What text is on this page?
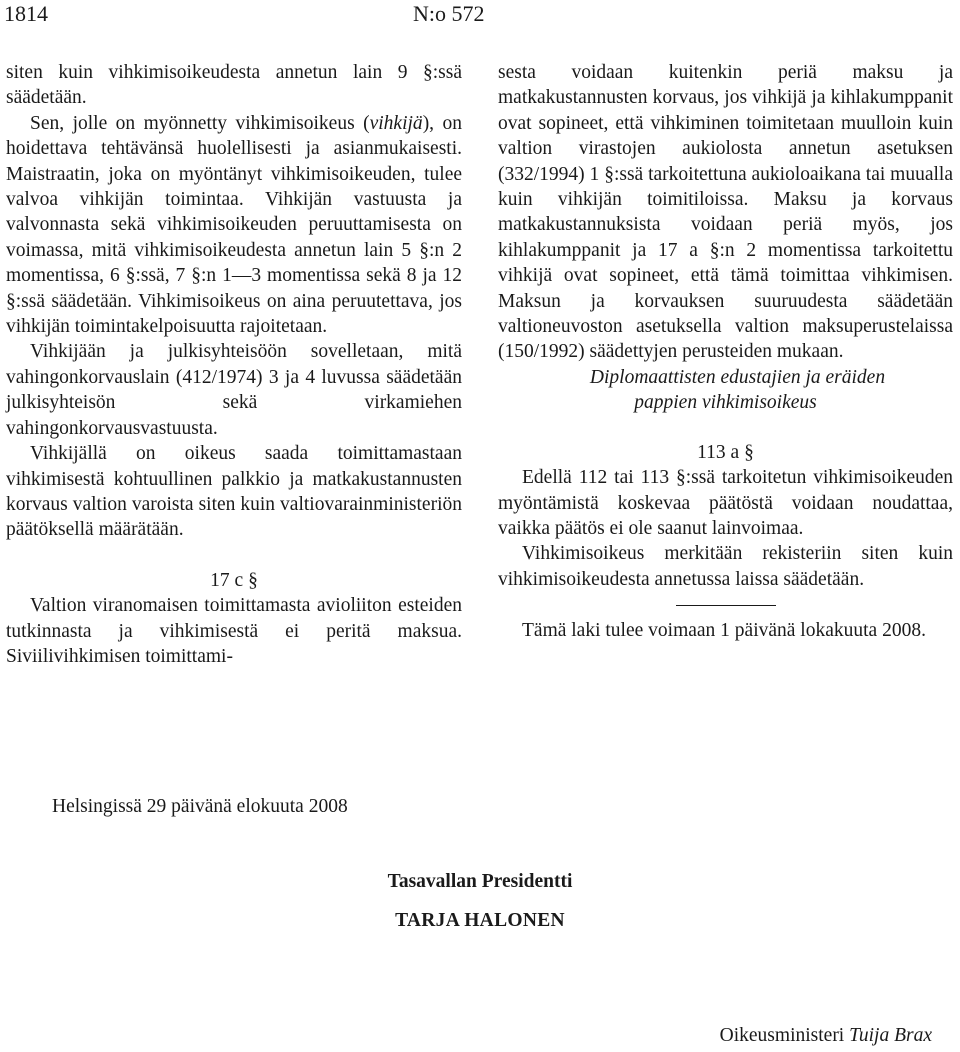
1814	N:o 572

siten kuin vihkimisoikeudesta annetun lain 9 §:ssä säädetään.

Sen, jolle on myönnetty vihkimisoikeus (vihkijä), on hoidettava tehtävänsä huolellisesti ja asianmukaisesti. Maistraatin, joka on myöntänyt vihkimisoikeuden, tulee valvoa vihkijän toimintaa. Vihkijän vastuusta ja valvonnasta sekä vihkimisoikeuden peruuttamisesta on voimassa, mitä vihkimisoikeudesta annetun lain 5 §:n 2 momentissa, 6 §:ssä, 7 §:n 1—3 momentissa sekä 8 ja 12 §:ssä säädetään. Vihkimisoikeus on aina peruutettava, jos vihkijän toimintakelpoisuutta rajoitetaan.

Vihkijään ja julkisyhteisöön sovelletaan, mitä vahingonkorvauslain (412/1974) 3 ja 4 luvussa säädetään julkisyhteisön sekä virkamiehen vahingonkorvausvastuusta.

Vihkijällä on oikeus saada toimittamastaan vihkimisestä kohtuullinen palkkio ja matkakustannusten korvaus valtion varoista siten kuin valtiovarainministeriön päätöksellä määrätään.

17 c §

Valtion viranomaisen toimittamasta avioliiton esteiden tutkinnasta ja vihkimisestä ei peritä maksua. Siviilivihkimisen toimittami-

sesta voidaan kuitenkin periä maksu ja matkakustannusten korvaus, jos vihkijä ja kihlakumppanit ovat sopineet, että vihkiminen toimitetaan muulloin kuin valtion virastojen aukiolosta annetun asetuksen (332/1994) 1 §:ssä tarkoitettuna aukioloaikana tai muualla kuin vihkijän toimitiloissa. Maksu ja korvaus matkakustannuksista voidaan periä myös, jos kihlakumppanit ja 17 a §:n 2 momentissa tarkoitettu vihkijä ovat sopineet, että tämä toimittaa vihkimisen. Maksun ja korvauksen suuruudesta säädetään valtioneuvoston asetuksella valtion maksuperustelaissa (150/1992) säädettyjen perusteiden mukaan.

Diplomaattisten edustajien ja eräiden
pappien vihkimisoikeus

113 a §

Edellä 112 tai 113 §:ssä tarkoitetun vihkimisoikeuden myöntämistä koskevaa päätöstä voidaan noudattaa, vaikka päätös ei ole saanut lainvoimaa.

Vihkimisoikeus merkitään rekisteriin siten kuin vihkimisoikeudesta annetussa laissa säädetään.

Tämä laki tulee voimaan 1 päivänä lokakuuta 2008.

Helsingissä 29 päivänä elokuuta 2008
Tasavallan Presidentti
TARJA HALONEN
Oikeusministeri Tuija Brax
